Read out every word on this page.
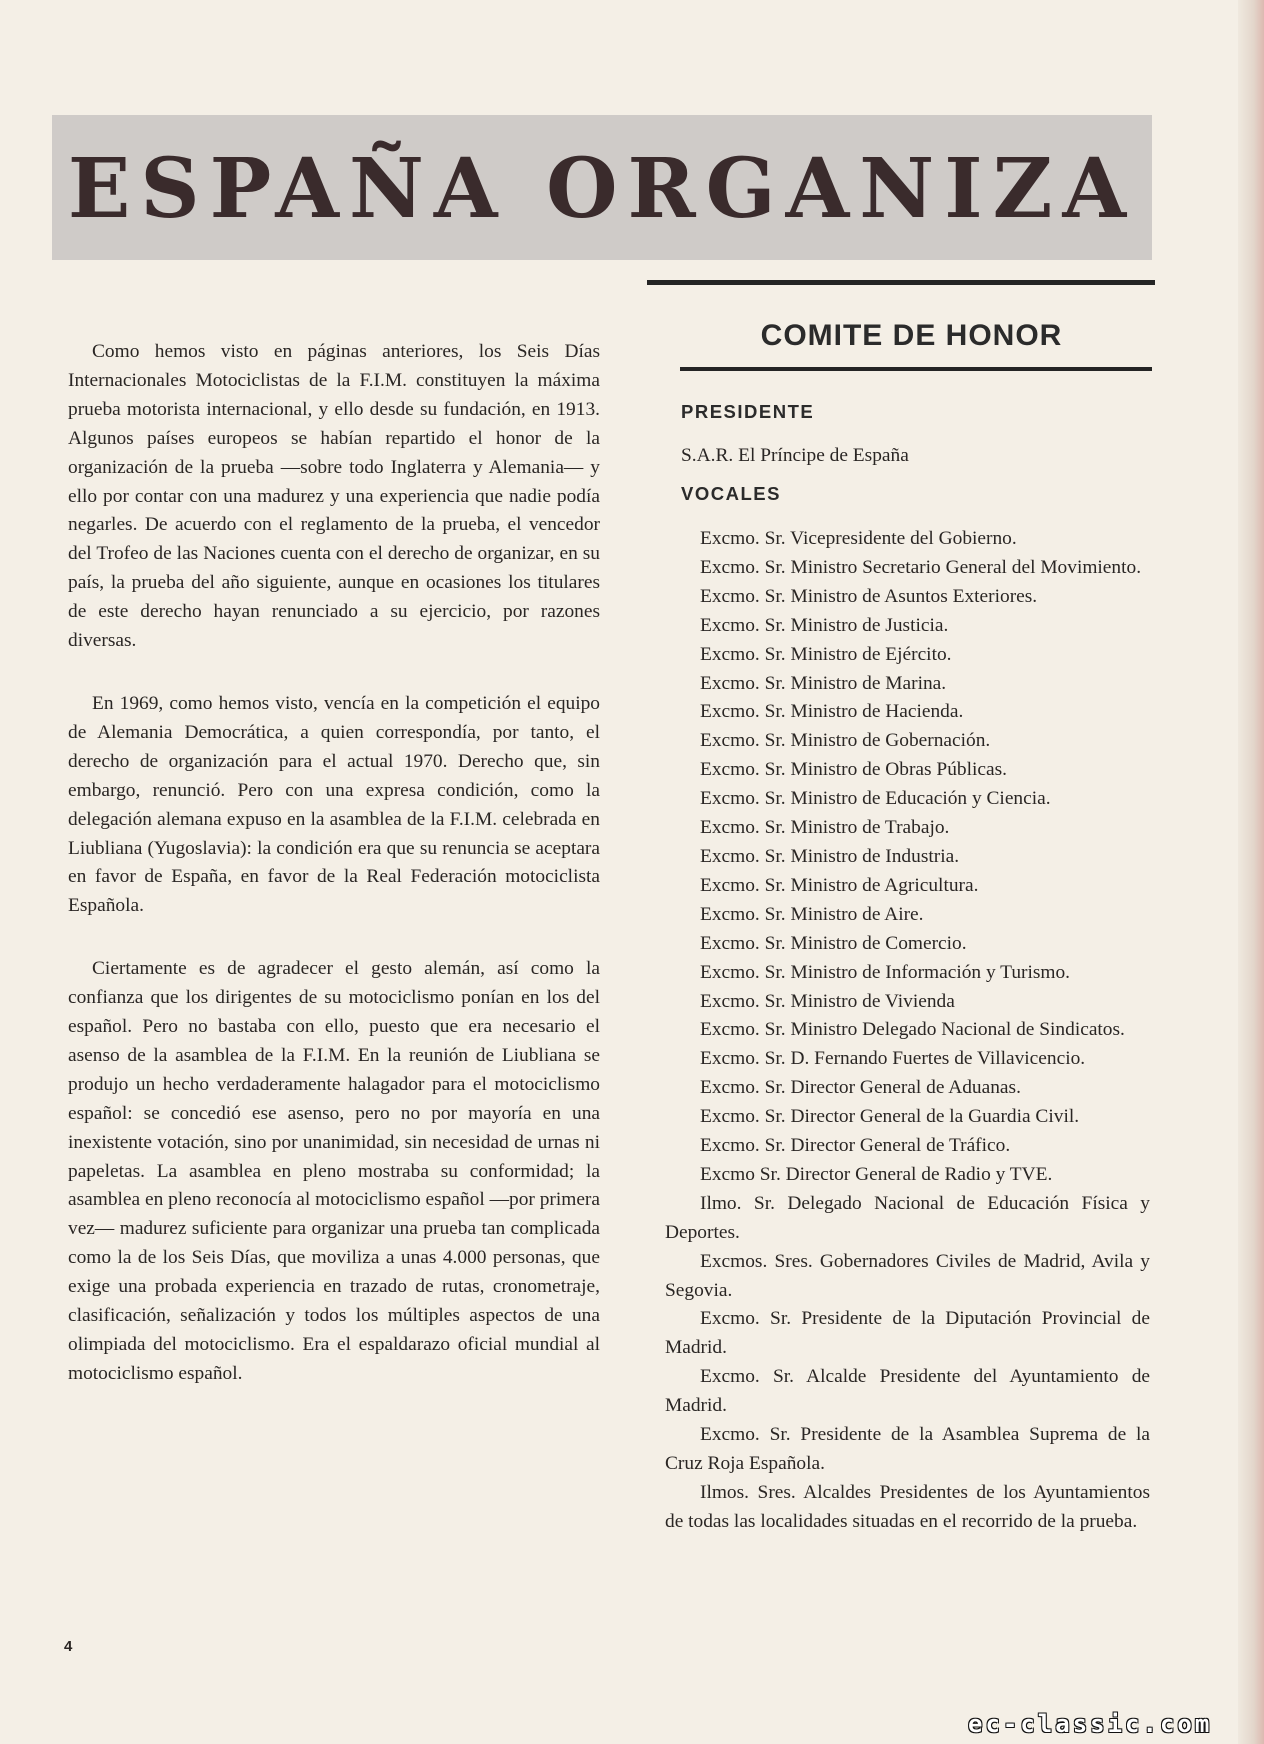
ESPAÑA ORGANIZA

Como hemos visto en páginas anteriores, los Seis Días Internacionales Motociclistas de la F.I.M. constituyen la máxima prueba motorista internacional, y ello desde su fundación, en 1913. Algunos países europeos se habían repartido el honor de la organización de la prueba —sobre todo Inglaterra y Alemania— y ello por contar con una madurez y una experiencia que nadie podía negarles. De acuerdo con el reglamento de la prueba, el vencedor del Trofeo de las Naciones cuenta con el derecho de organizar, en su país, la prueba del año siguiente, aunque en ocasiones los titulares de este derecho hayan renunciado a su ejercicio, por razones diversas.

En 1969, como hemos visto, vencía en la competición el equipo de Alemania Democrática, a quien correspondía, por tanto, el derecho de organización para el actual 1970. Derecho que, sin embargo, renunció. Pero con una expresa condición, como la delegación alemana expuso en la asamblea de la F.I.M. celebrada en Liubliana (Yugoslavia): la condición era que su renuncia se aceptara en favor de España, en favor de la Real Federación motociclista Española.

Ciertamente es de agradecer el gesto alemán, así como la confianza que los dirigentes de su motociclismo ponían en los del español. Pero no bastaba con ello, puesto que era necesario el asenso de la asamblea de la F.I.M. En la reunión de Liubliana se produjo un hecho verdaderamente halagador para el motociclismo español: se concedió ese asenso, pero no por mayoría en una inexistente votación, sino por unanimidad, sin necesidad de urnas ni papeletas. La asamblea en pleno mostraba su conformidad; la asamblea en pleno reconocía al motociclismo español —por primera vez— madurez suficiente para organizar una prueba tan complicada como la de los Seis Días, que moviliza a unas 4.000 personas, que exige una probada experiencia en trazado de rutas, cronometraje, clasificación, señalización y todos los múltiples aspectos de una olimpiada del motociclismo. Era el espaldarazo oficial mundial al motociclismo español.

COMITE DE HONOR
PRESIDENTE
S.A.R. El Príncipe de España
VOCALES
Excmo. Sr. Vicepresidente del Gobierno.
Excmo. Sr. Ministro Secretario General del Movimiento.
Excmo. Sr. Ministro de Asuntos Exteriores.
Excmo. Sr. Ministro de Justicia.
Excmo. Sr. Ministro de Ejército.
Excmo. Sr. Ministro de Marina.
Excmo. Sr. Ministro de Hacienda.
Excmo. Sr. Ministro de Gobernación.
Excmo. Sr. Ministro de Obras Públicas.
Excmo. Sr. Ministro de Educación y Ciencia.
Excmo. Sr. Ministro de Trabajo.
Excmo. Sr. Ministro de Industria.
Excmo. Sr. Ministro de Agricultura.
Excmo. Sr. Ministro de Aire.
Excmo. Sr. Ministro de Comercio.
Excmo. Sr. Ministro de Información y Turismo.
Excmo. Sr. Ministro de Vivienda
Excmo. Sr. Ministro Delegado Nacional de Sindicatos.
Excmo. Sr. D. Fernando Fuertes de Villavicencio.
Excmo. Sr. Director General de Aduanas.
Excmo. Sr. Director General de la Guardia Civil.
Excmo. Sr. Director General de Tráfico.
Excmo Sr. Director General de Radio y TVE.
Ilmo. Sr. Delegado Nacional de Educación Física y Deportes.
Excmos. Sres. Gobernadores Civiles de Madrid, Avila y Segovia.
Excmo. Sr. Presidente de la Diputación Provincial de Madrid.
Excmo. Sr. Alcalde Presidente del Ayuntamiento de Madrid.
Excmo. Sr. Presidente de la Asamblea Suprema de la Cruz Roja Española.
Ilmos. Sres. Alcaldes Presidentes de los Ayuntamientos de todas las localidades situadas en el recorrido de la prueba.
4
ec-classic.com
